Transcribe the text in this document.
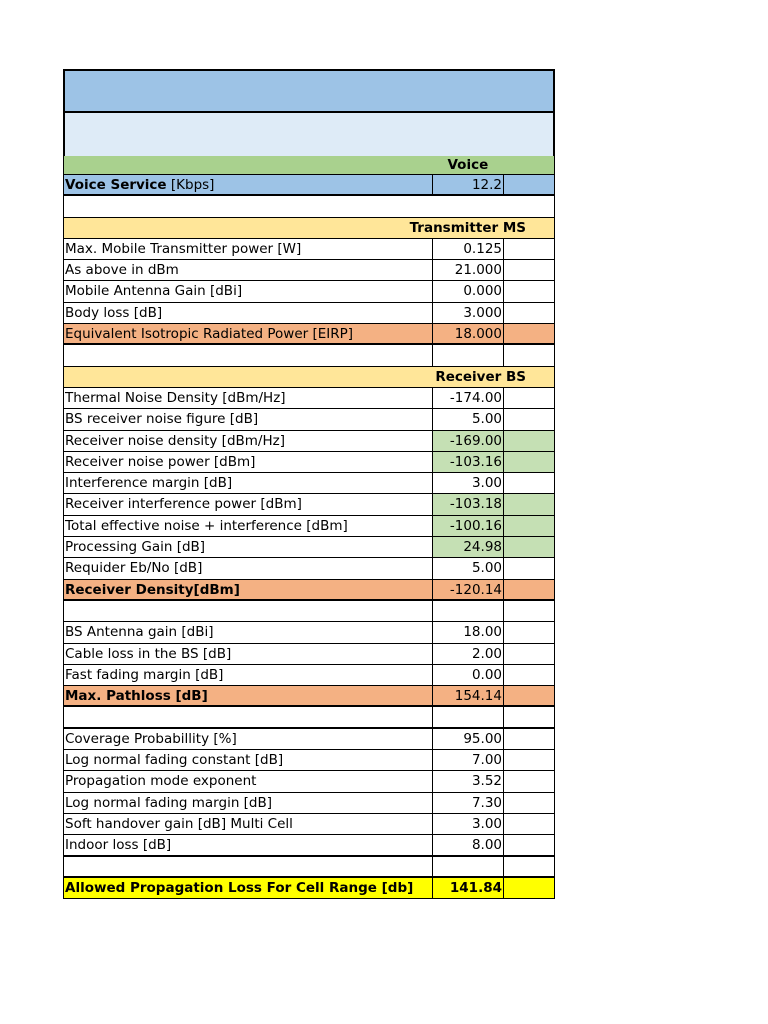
Voice
Voice Service [Kbps]	12.2
Transmitter MS
Max. Mobile Transmitter power [W]	0.125
As above in dBm	21.000
Mobile Antenna Gain [dBi]	0.000
Body loss [dB]	3.000
Equivalent Isotropic Radiated Power [EIRP]	18.000
Receiver BS
Thermal Noise Density [dBm/Hz]	-174.00
BS receiver noise figure [dB]	5.00
Receiver noise density [dBm/Hz]	-169.00
Receiver noise power [dBm]	-103.16
Interference margin [dB]	3.00
Receiver interference power [dBm]	-103.18
Total effective noise + interference [dBm]	-100.16
Processing Gain [dB]	24.98
Requider Eb/No [dB]	5.00
Receiver Density[dBm]	-120.14
BS Antenna gain [dBi]	18.00
Cable loss in the BS [dB]	2.00
Fast fading margin [dB]	0.00
Max. Pathloss [dB]	154.14
Coverage Probabillity [%]	95.00
Log normal fading constant [dB]	7.00
Propagation mode exponent	3.52
Log normal fading margin [dB]	7.30
Soft handover gain [dB] Multi Cell	3.00
Indoor loss [dB]	8.00
Allowed Propagation Loss For Cell Range [db]	141.84
